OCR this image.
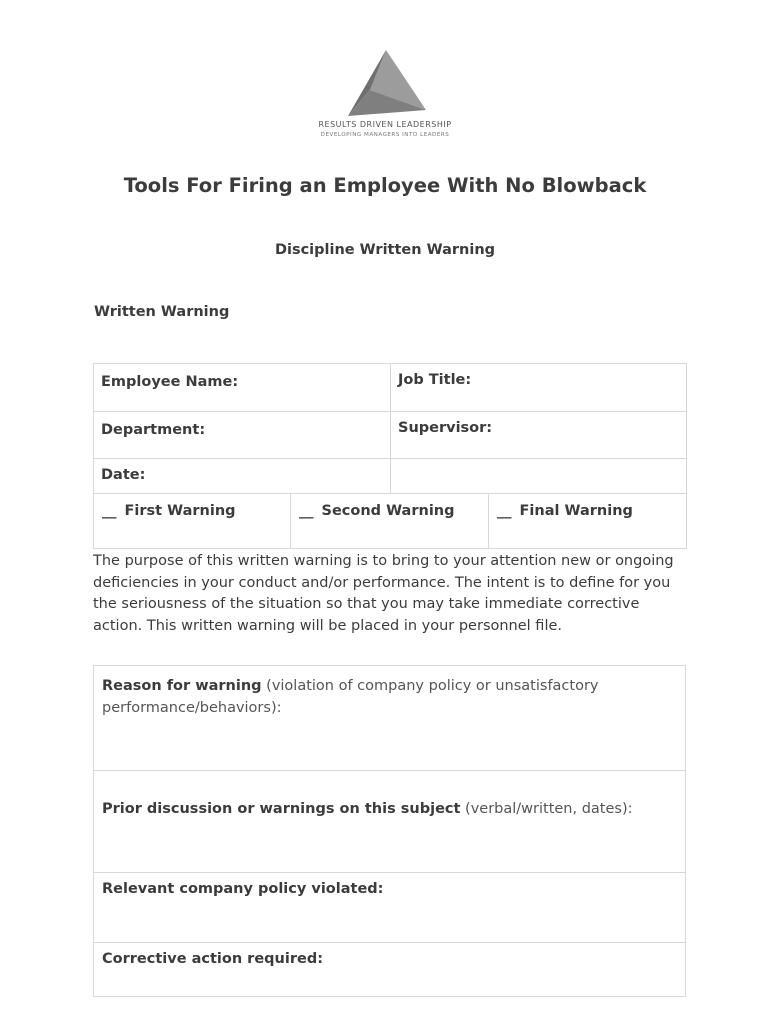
RESULTS DRIVEN LEADERSHIP
DEVELOPING MANAGERS INTO LEADERS
Tools For Firing an Employee With No Blowback
Discipline Written Warning
Written Warning
Employee Name:	Job Title:
Department:	Supervisor:
Date:	
__ First Warning	__ Second Warning	__ Final Warning
The purpose of this written warning is to bring to your attention new or ongoing deficiencies in your conduct and/or performance. The intent is to define for you the seriousness of the situation so that you may take immediate corrective action. This written warning will be placed in your personnel file.
Reason for warning (violation of company policy or unsatisfactory performance/behaviors):
Prior discussion or warnings on this subject (verbal/written, dates):
Relevant company policy violated:
Corrective action required:
